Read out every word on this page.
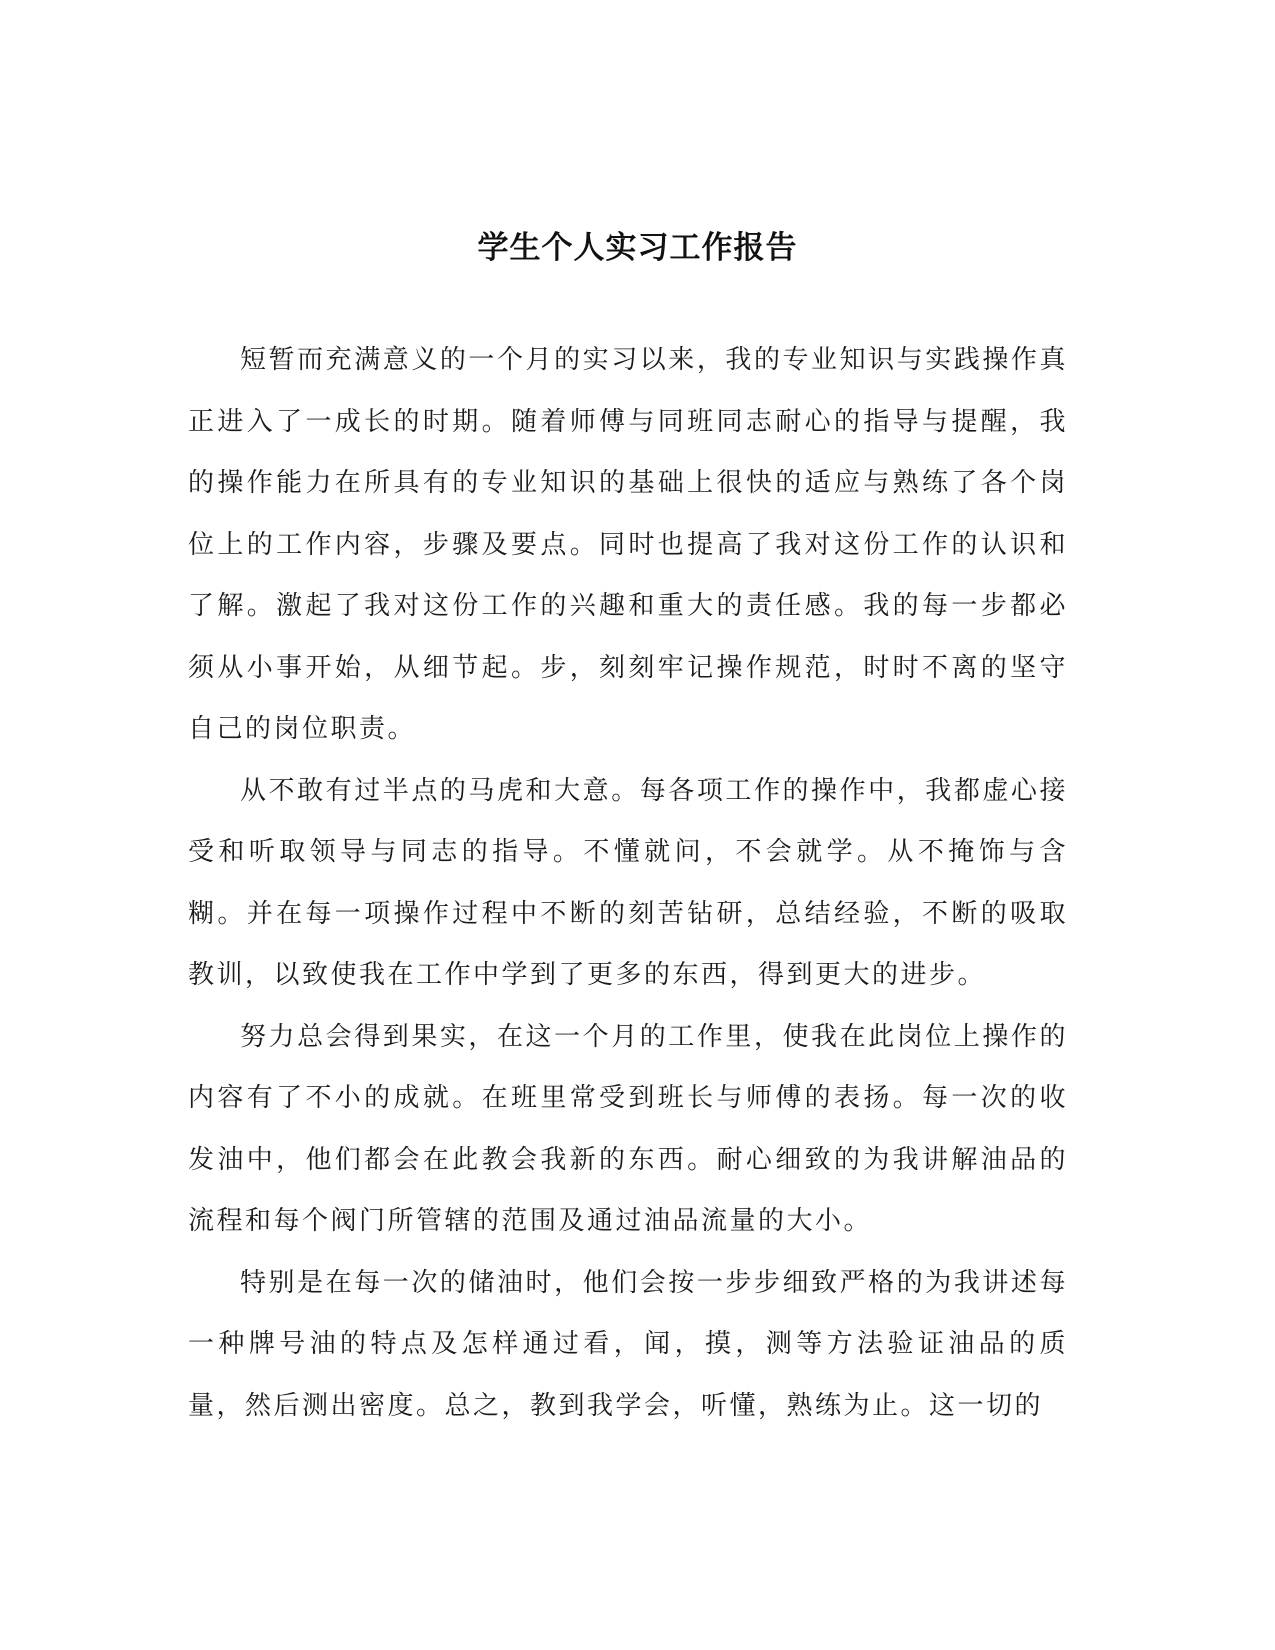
学生个人实习工作报告

短暂而充满意义的一个月的实习以来，我的专业知识与实践操作真正进入了一成长的时期。随着师傅与同班同志耐心的指导与提醒，我的操作能力在所具有的专业知识的基础上很快的适应与熟练了各个岗位上的工作内容，步骤及要点。同时也提高了我对这份工作的认识和了解。激起了我对这份工作的兴趣和重大的责任感。我的每一步都必须从小事开始，从细节起。步，刻刻牢记操作规范，时时不离的坚守自己的岗位职责。

从不敢有过半点的马虎和大意。每各项工作的操作中，我都虚心接受和听取领导与同志的指导。不懂就问，不会就学。从不掩饰与含糊。并在每一项操作过程中不断的刻苦钻研，总结经验，不断的吸取教训，以致使我在工作中学到了更多的东西，得到更大的进步。

努力总会得到果实，在这一个月的工作里，使我在此岗位上操作的内容有了不小的成就。在班里常受到班长与师傅的表扬。每一次的收发油中，他们都会在此教会我新的东西。耐心细致的为我讲解油品的流程和每个阀门所管辖的范围及通过油品流量的大小。

特别是在每一次的储油时，他们会按一步步细致严格的为我讲述每一种牌号油的特点及怎样通过看，闻，摸，测等方法验证油品的质量，然后测出密度。总之，教到我学会，听懂，熟练为止。这一切的
